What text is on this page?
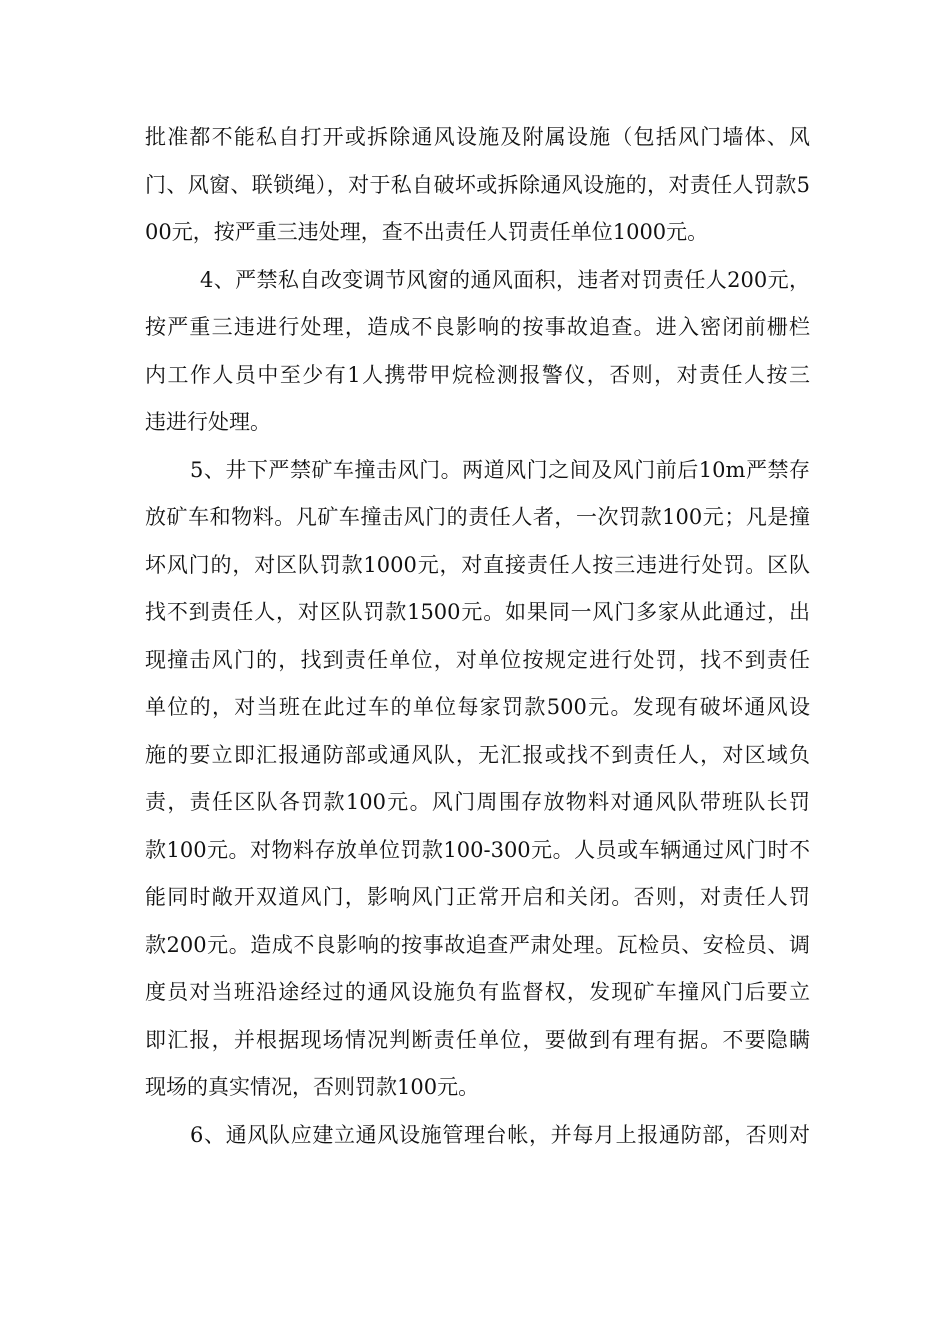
批准都不能私自打开或拆除通风设施及附属设施（包括风门墙体、风
门、风窗、联锁绳），对于私自破坏或拆除通风设施的，对责任人罚款5
00元，按严重三违处理，查不出责任人罚责任单位1000元。
4、严禁私自改变调节风窗的通风面积，违者对罚责任人200元，
按严重三违进行处理，造成不良影响的按事故追查。进入密闭前栅栏
内工作人员中至少有1人携带甲烷检测报警仪，否则，对责任人按三
违进行处理。
5、井下严禁矿车撞击风门。两道风门之间及风门前后10m严禁存
放矿车和物料。凡矿车撞击风门的责任人者，一次罚款100元；凡是撞
坏风门的，对区队罚款1000元，对直接责任人按三违进行处罚。区队
找不到责任人，对区队罚款1500元。如果同一风门多家从此通过，出
现撞击风门的，找到责任单位，对单位按规定进行处罚，找不到责任
单位的，对当班在此过车的单位每家罚款500元。发现有破坏通风设
施的要立即汇报通防部或通风队，无汇报或找不到责任人，对区域负
责，责任区队各罚款100元。风门周围存放物料对通风队带班队长罚
款100元。对物料存放单位罚款100-300元。人员或车辆通过风门时不
能同时敞开双道风门，影响风门正常开启和关闭。否则，对责任人罚
款200元。造成不良影响的按事故追查严肃处理。瓦检员、安检员、调
度员对当班沿途经过的通风设施负有监督权，发现矿车撞风门后要立
即汇报，并根据现场情况判断责任单位，要做到有理有据。不要隐瞒
现场的真实情况，否则罚款100元。
6、通风队应建立通风设施管理台帐，并每月上报通防部，否则对
